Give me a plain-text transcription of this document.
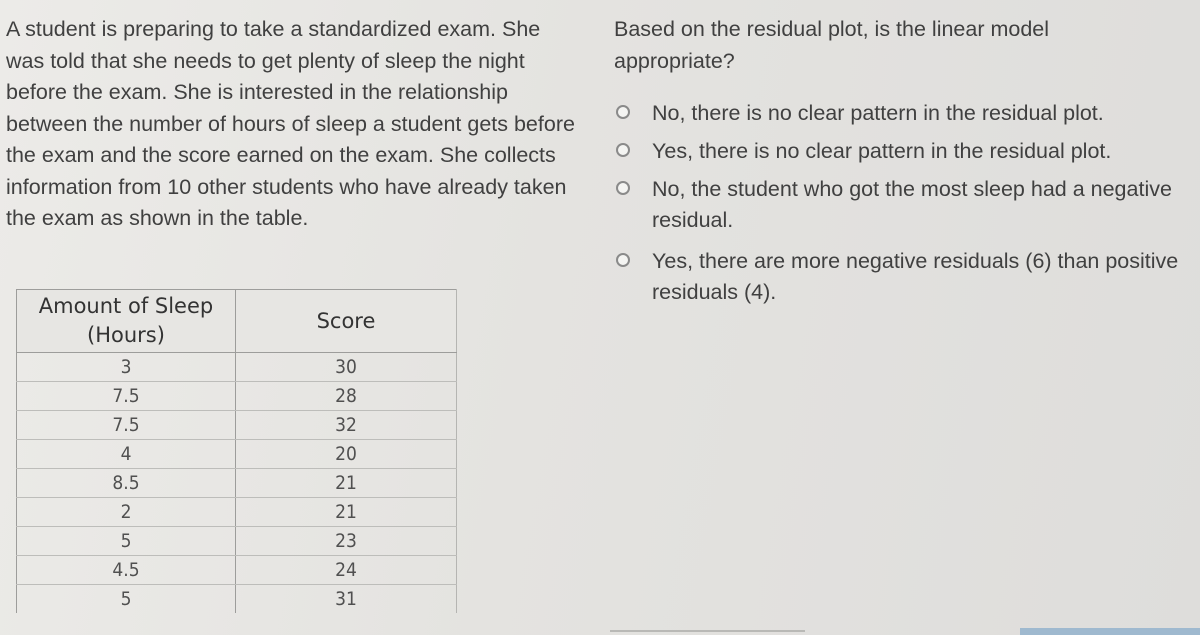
A student is preparing to take a standardized exam. She was told that she needs to get plenty of sleep the night before the exam. She is interested in the relationship between the number of hours of sleep a student gets before the exam and the score earned on the exam. She collects information from 10 other students who have already taken the exam as shown in the table.
Amount of Sleep (Hours)	Score
3	30
7.5	28
7.5	32
4	20
8.5	21
2	21
5	23
4.5	24
5	31
Based on the residual plot, is the linear model appropriate?
No, there is no clear pattern in the residual plot.
Yes, there is no clear pattern in the residual plot.
No, the student who got the most sleep had a negative residual.
Yes, there are more negative residuals (6) than positive residuals (4).
